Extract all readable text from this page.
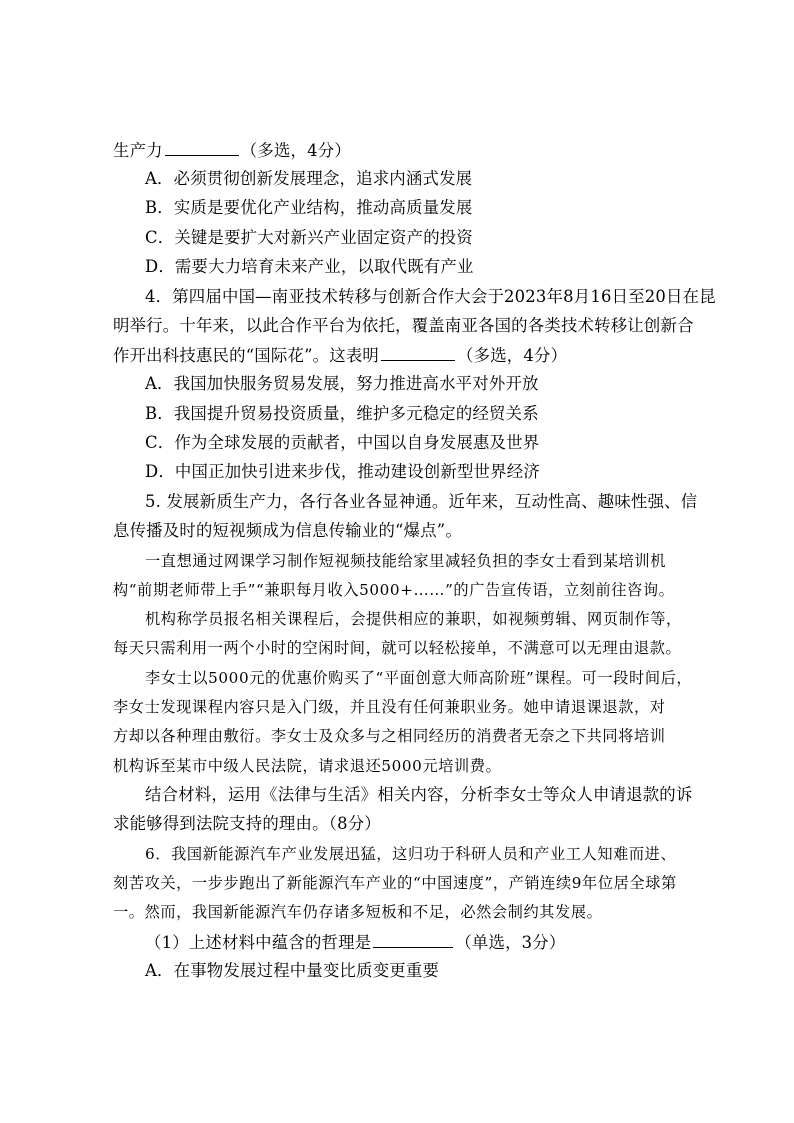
生产力	（多选，4分）
A．必须贯彻创新发展理念，追求内涵式发展
B．实质是要优化产业结构，推动高质量发展
C．关键是要扩大对新兴产业固定资产的投资
D．需要大力培育未来产业，以取代既有产业
4．第四届中国—南亚技术转移与创新合作大会于2023年8月16日至20日在昆
明举行。十年来，以此合作平台为依托，覆盖南亚各国的各类技术转移让创新合
作开出科技惠民的“国际花”。这表明	（多选，4分）
A．我国加快服务贸易发展，努力推进高水平对外开放
B．我国提升贸易投资质量，维护多元稳定的经贸关系
C．作为全球发展的贡献者，中国以自身发展惠及世界
D．中国正加快引进来步伐，推动建设创新型世界经济
5. 发展新质生产力，各行各业各显神通。近年来，互动性高、趣味性强、信
息传播及时的短视频成为信息传输业的“爆点”。
一直想通过网课学习制作短视频技能给家里减轻负担的李女士看到某培训机
构“前期老师带上手”“兼职每月收入5000+……”的广告宣传语，立刻前往咨询。
机构称学员报名相关课程后，会提供相应的兼职，如视频剪辑、网页制作等，
每天只需利用一两个小时的空闲时间，就可以轻松接单，不满意可以无理由退款。
李女士以5000元的优惠价购买了“平面创意大师高阶班”课程。可一段时间后，
李女士发现课程内容只是入门级，并且没有任何兼职业务。她申请退课退款，对
方却以各种理由敷衍。李女士及众多与之相同经历的消费者无奈之下共同将培训
机构诉至某市中级人民法院，请求退还5000元培训费。
结合材料，运用《法律与生活》相关内容，分析李女士等众人申请退款的诉
求能够得到法院支持的理由。（8分）
6．我国新能源汽车产业发展迅猛，这归功于科研人员和产业工人知难而进、
刻苦攻关，一步步跑出了新能源汽车产业的“中国速度”，产销连续9年位居全球第
一。然而，我国新能源汽车仍存诸多短板和不足，必然会制约其发展。
（1）上述材料中蕴含的哲理是	（单选，3分）
A．在事物发展过程中量变比质变更重要
